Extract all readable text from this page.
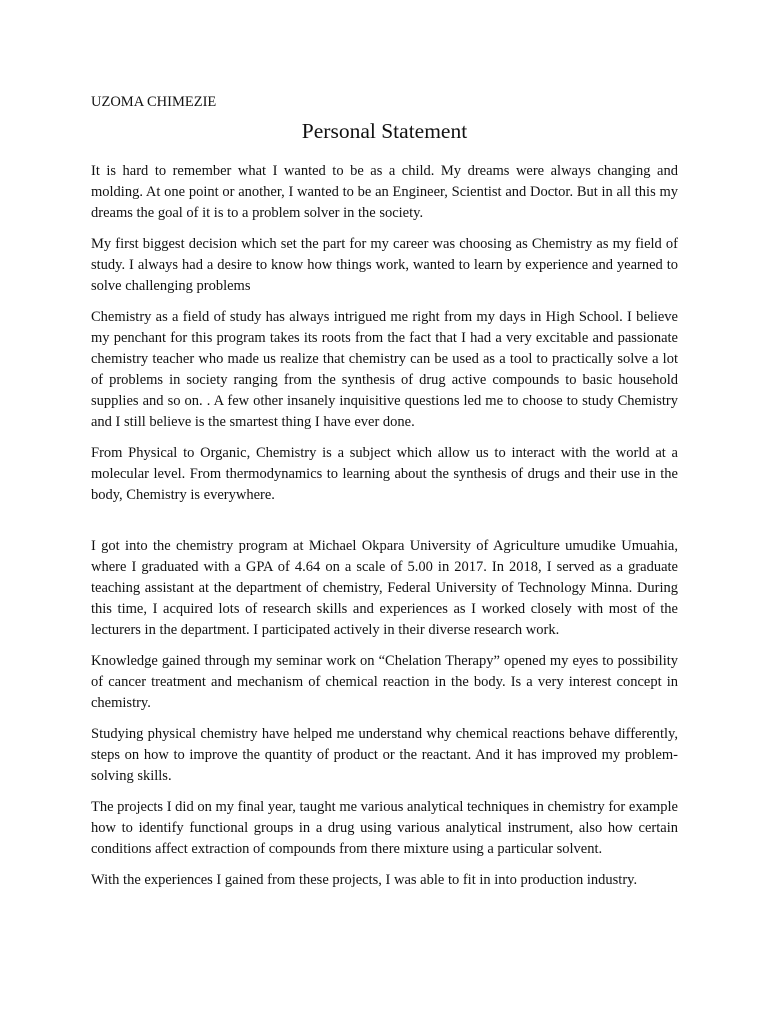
UZOMA CHIMEZIE
Personal Statement

It is hard to remember what I wanted to be as a child. My dreams were always changing and molding. At one point or another, I wanted to be an Engineer, Scientist and Doctor. But in all this my dreams the goal of it is to a problem solver in the society.

My first biggest decision which set the part for my career was choosing as Chemistry as my field of study. I always had a desire to know how things work, wanted to learn by experience and yearned to solve challenging problems

Chemistry as a field of study has always intrigued me right from my days in High School. I believe my penchant for this program takes its roots from the fact that I had a very excitable and passionate chemistry teacher who made us realize that chemistry can be used as a tool to practically solve a lot of problems in society ranging from the synthesis of drug active compounds to basic household supplies and so on. . A few other insanely inquisitive questions led me to choose to study Chemistry and I still believe is the smartest thing I have ever done.

From Physical to Organic, Chemistry is a subject which allow us to interact with the world at a molecular level. From thermodynamics to learning about the synthesis of drugs and their use in the body, Chemistry is everywhere.

I got into the chemistry program at Michael Okpara University of Agriculture umudike Umuahia, where I graduated with a GPA of 4.64 on a scale of 5.00 in 2017. In 2018, I served as a graduate teaching assistant at the department of chemistry, Federal University of Technology Minna. During this time, I acquired lots of research skills and experiences as I worked closely with most of the lecturers in the department. I participated actively in their diverse research work.

Knowledge gained through my seminar work on “Chelation Therapy” opened my eyes to possibility of cancer treatment and mechanism of chemical reaction in the body. Is a very interest concept in chemistry.

Studying physical chemistry have helped me understand why chemical reactions behave differently, steps on how to improve the quantity of product or the reactant. And it has improved my problem-solving skills.

The projects I did on my final year, taught me various analytical techniques in chemistry for example how to identify functional groups in a drug using various analytical instrument, also how certain conditions affect extraction of compounds from there mixture using a particular solvent.

With the experiences I gained from these projects, I was able to fit in into production industry.
